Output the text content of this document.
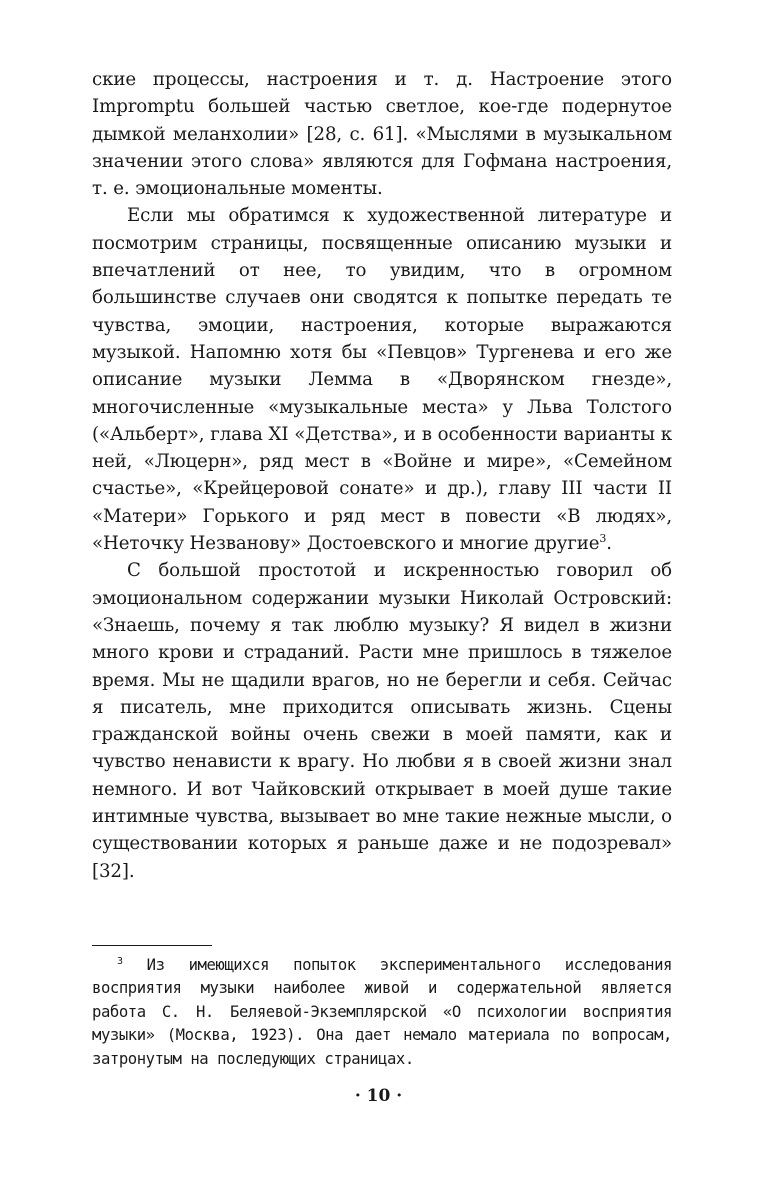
ские процессы, настроения и т. д. Настроение этого Impromptu большей частью светлое, кое-где подернутое дымкой меланхолии» [28, с. 61]. «Мыслями в музыкальном значении этого слова» являются для Гофмана настроения, т. е. эмоциональные моменты.

Если мы обратимся к художественной литературе и посмотрим страницы, посвященные описанию музыки и впечатлений от нее, то увидим, что в огромном большинстве случаев они сводятся к попытке передать те чувства, эмоции, настроения, которые выражаются музыкой. Напомню хотя бы «Певцов» Тургенева и его же описание музыки Лемма в «Дворянском гнезде», многочисленные «музыкальные места» у Льва Толстого («Альберт», глава XI «Детства», и в особенности варианты к ней, «Люцерн», ряд мест в «Войне и мире», «Семейном счастье», «Крейцеровой сонате» и др.), главу III части II «Матери» Горького и ряд мест в повести «В людях», «Неточку Незванову» Достоевского и многие другие$^3$.

С большой простотой и искренностью говорил об эмоциональном содержании музыки Николай Островский: «Знаешь, почему я так люблю музыку? Я видел в жизни много крови и страданий. Расти мне пришлось в тяжелое время. Мы не щадили врагов, но не берегли и себя. Сейчас я писатель, мне приходится описывать жизнь. Сцены гражданской войны очень свежи в моей памяти, как и чувство ненависти к врагу. Но любви я в своей жизни знал немного. И вот Чайковский открывает в моей душе такие интимные чувства, вызывает во мне такие нежные мысли, о существовании которых я раньше даже и не подозревал» [32].

$^3$ Из имеющихся попыток экспериментального исследования восприятия музыки наиболее живой и содержательной является работа С. Н. Беляевой-Экземплярской «О психологии восприятия музыки» (Москва, 1923). Она дает немало материала по вопросам, затронутым на последующих страницах.

· 10 ·
